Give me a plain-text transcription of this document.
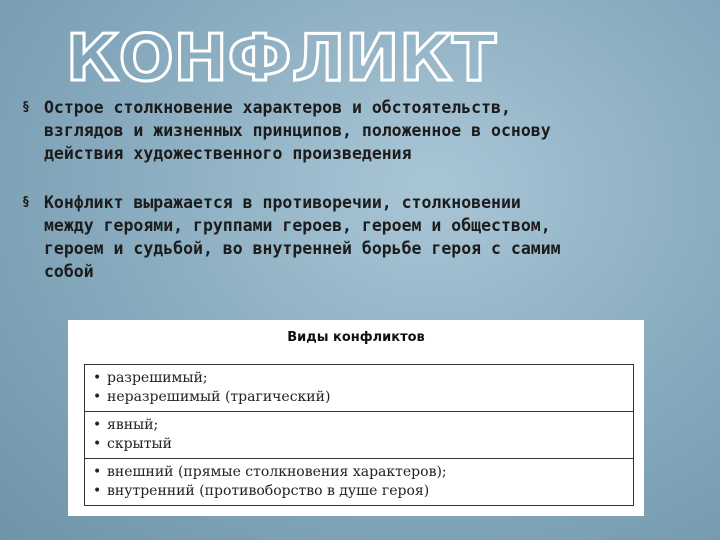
КОНФЛИКТ
§ Острое столкновение характеров и обстоятельств,
взглядов и жизненных принципов, положенное в основу
действия художественного произведения
§ Конфликт выражается в противоречии, столкновении
между героями, группами героев, героем и обществом,
героем и судьбой, во внутренней борьбе героя с самим
собой
Виды конфликтов
• разрешимый;
• неразрешимый (трагический)
• явный;
• скрытый
• внешний (прямые столкновения характеров);
• внутренний (противоборство в душе героя)
